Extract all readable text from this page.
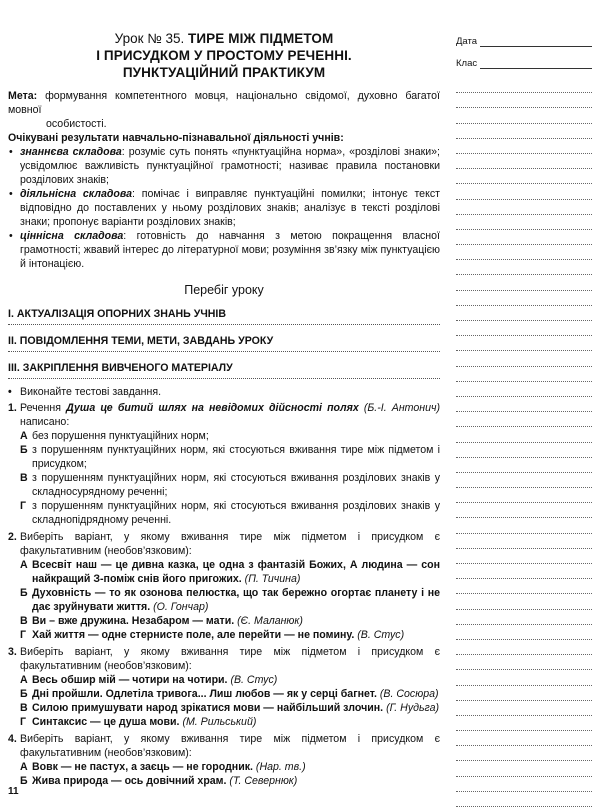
Урок № 35. ТИРЕ МІЖ ПІДМЕТОМ
І ПРИСУДКОМ У ПРОСТОМУ РЕЧЕННІ.
ПУНКТУАЦІЙНИЙ ПРАКТИКУМ

Мета: формування компетентного мовця, національно свідомої, духовно багатої мовної

особистості.

Очікувані результати навчально-пізнавальної діяльності учнів:

• знаннєва складова: розуміє суть понять «пунктуаційна норма», «розділові знаки»; усвідомлює важливість пунктуаційної грамотності; називає правила постановки розділових знаків;
• діяльнісна складова: помічає і виправляє пунктуаційні помилки; інтонує текст відповідно до поставлених у ньому розділових знаків; аналізує в тексті розділові знаки; пропонує варіанти розділових знаків;
• ціннісна складова: готовність до навчання з метою покращення власної грамотності; жвавий інтерес до літературної мови; розуміння зв’язку між пунктуацією й інтонацією.
Перебіг уроку

І. АКТУАЛІЗАЦІЯ ОПОРНИХ ЗНАНЬ УЧНІВ

ІІ. ПОВІДОМЛЕННЯ ТЕМИ, МЕТИ, ЗАВДАНЬ УРОКУ

ІІІ. ЗАКРІПЛЕННЯ ВИВЧЕНОГО МАТЕРІАЛУ

• Виконайте тестові завдання.
1. Речення Душа це битий шлях на невідомих дійсності полях (Б.-І. Антонич) написано:
А без порушення пунктуаційних норм;
Б з порушенням пунктуаційних норм, які стосуються вживання тире між підметом і присудком;
В з порушенням пунктуаційних норм, які стосуються вживання розділових знаків у складносурядному реченні;
Г з порушенням пунктуаційних норм, які стосуються вживання розділових знаків у складнопідрядному реченні.
2. Виберіть варіант, у якому вживання тире між підметом і присудком є факультативним (необов’язковим):
А Всесвіт наш — це дивна казка, це одна з фантазій Божих, А людина — сон найкращий З-поміж снів його пригожих. (П. Тичина)
Б Духовність — то як озонова пелюстка, що так бережно огортає планету і не дає зруйнувати життя. (О. Гончар)
В Ви – вже дружина. Незабаром — мати. (Є. Маланюк)
Г Хай життя — одне стернисте поле, але перейти — не помину. (В. Стус)
3. Виберіть варіант, у якому вживання тире між підметом і присудком є факультативним (необов’язковим):
А Весь обшир мій — чотири на чотири. (В. Стус)
Б Дні пройшли. Одлетіла тривога... Лиш любов — як у серці багнет. (В. Сосюра)
В Силою примушувати народ зрікатися мови — найбільший злочин. (Г. Нудьга)
Г Синтаксис — це душа мови. (М. Рильський)
4. Виберіть варіант, у якому вживання тире між підметом і присудком є факультативним (необов’язковим):
А Вовк — не пастух, а заєць — не городник. (Нар. тв.)
Б Жива природа — ось довічний храм. (Т. Севернюк)
Дата
Клас
11
